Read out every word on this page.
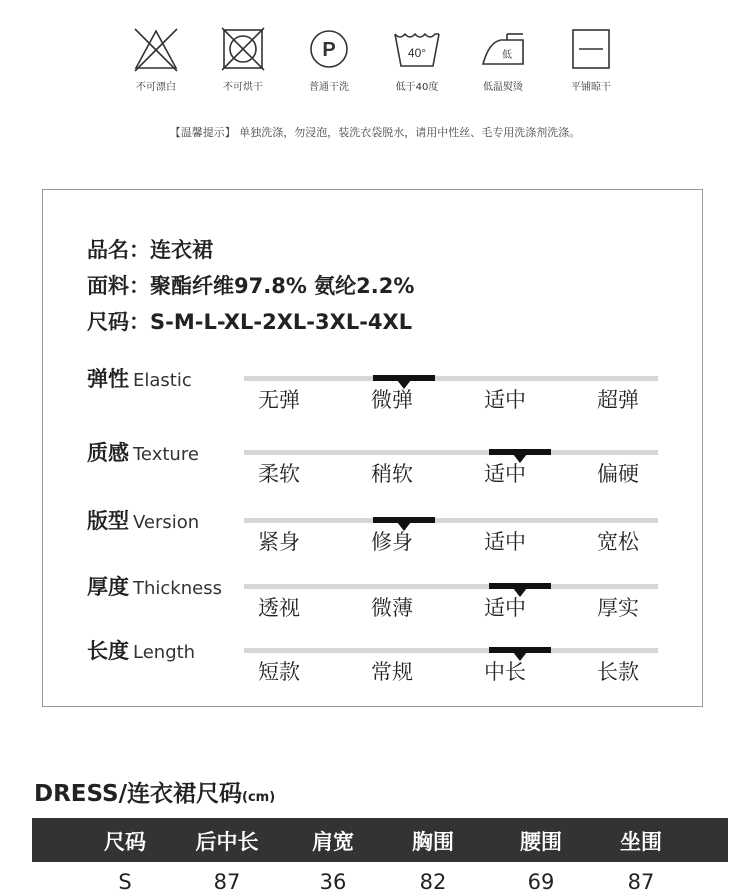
不可漂白	不可烘干
P
普通干洗
40°
低于40度
低
低温熨烫	平铺晾干
【温馨提示】 单独洗涤，勿浸泡，装洗衣袋脱水，请用中性丝、毛专用洗涤剂洗涤。
品名：连衣裙
面料：聚酯纤维97.8% 氨纶2.2%
尺码：S-M-L-XL-2XL-3XL-4XL
弹性 Elastic
无弹	微弹	适中	超弹
质感 Texture
柔软	稍软	适中	偏硬
版型 Version
紧身	修身	适中	宽松
厚度 Thickness
透视	微薄	适中	厚实
长度 Length
短款	常规	中长	长款
DRESS/连衣裙尺码(cm)
尺码	后中长	肩宽	胸围	腰围	坐围
S	87	36	82	69	87
